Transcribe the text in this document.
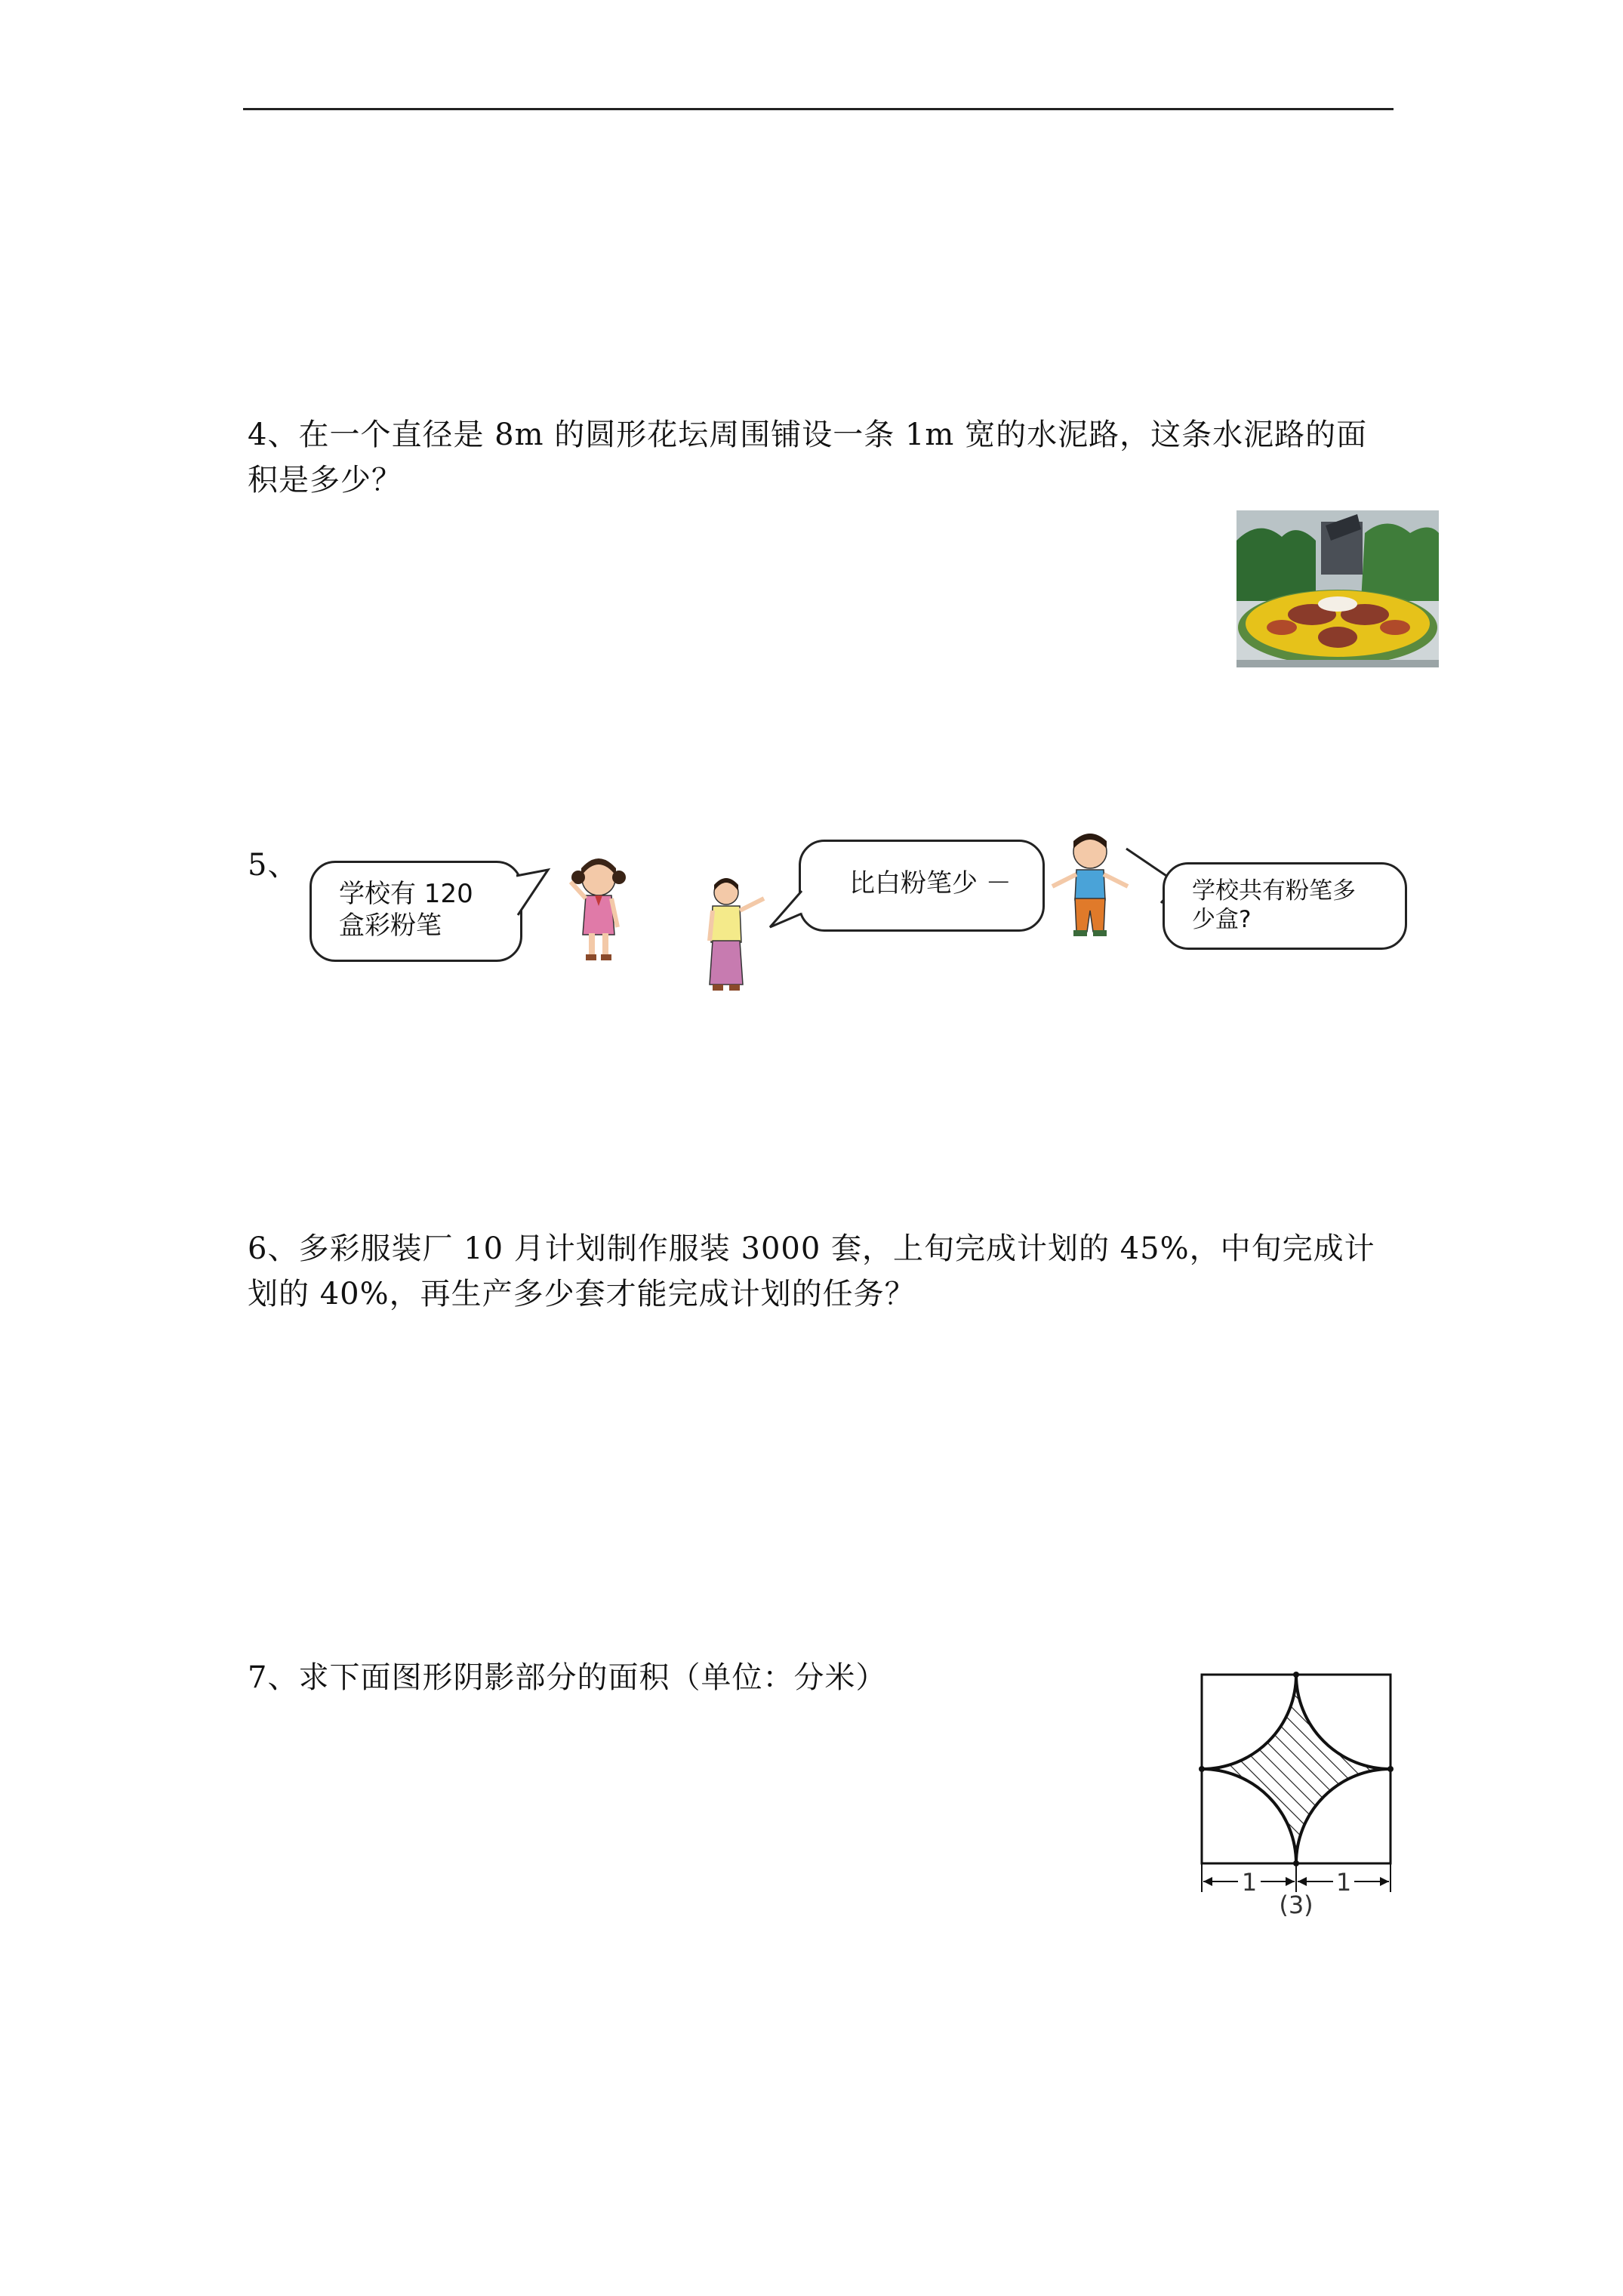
4、在一个直径是 8m 的圆形花坛周围铺设一条 1m 宽的水泥路，这条水泥路的面
积是多少？
5、
学校有 120
盒彩粉笔
比白粉笔少 －	学校共有粉笔多
少盒?
6、多彩服装厂 10 月计划制作服装 3000 套，上旬完成计划的 45%，中旬完成计
划的 40%，再生产多少套才能完成计划的任务？
7、求下面图形阴影部分的面积（单位：分米）
1	1
(3)
